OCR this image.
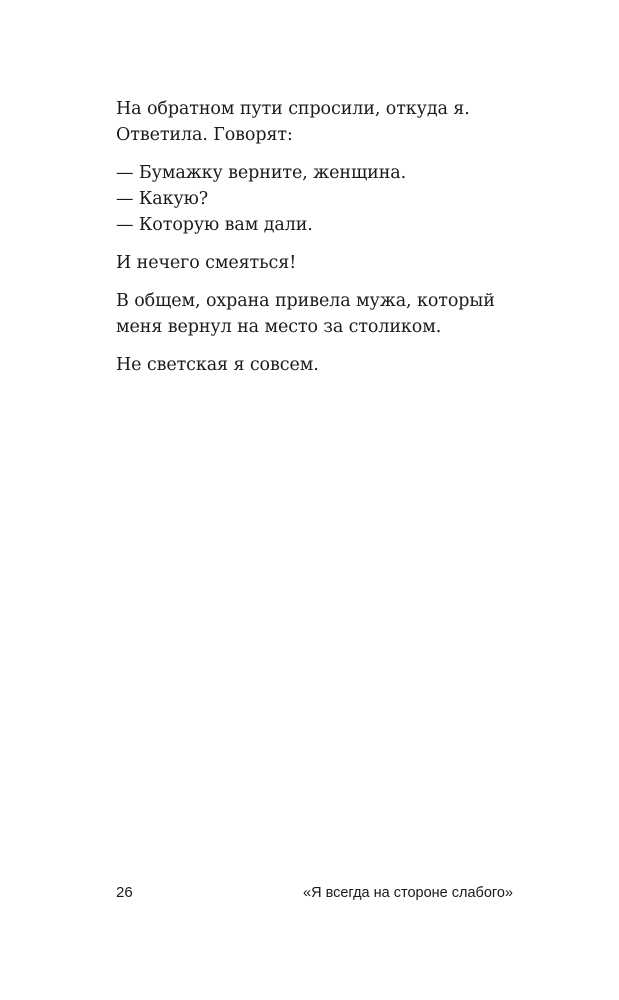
На обратном пути спросили, откуда я. Ответила. Говорят:

— Бумажку верните, женщина.
— Какую?
— Которую вам дали.

И нечего смеяться!

В общем, охрана привела мужа, который меня вернул на место за столиком.

Не светская я совсем.

26	«Я всегда на стороне слабого»
